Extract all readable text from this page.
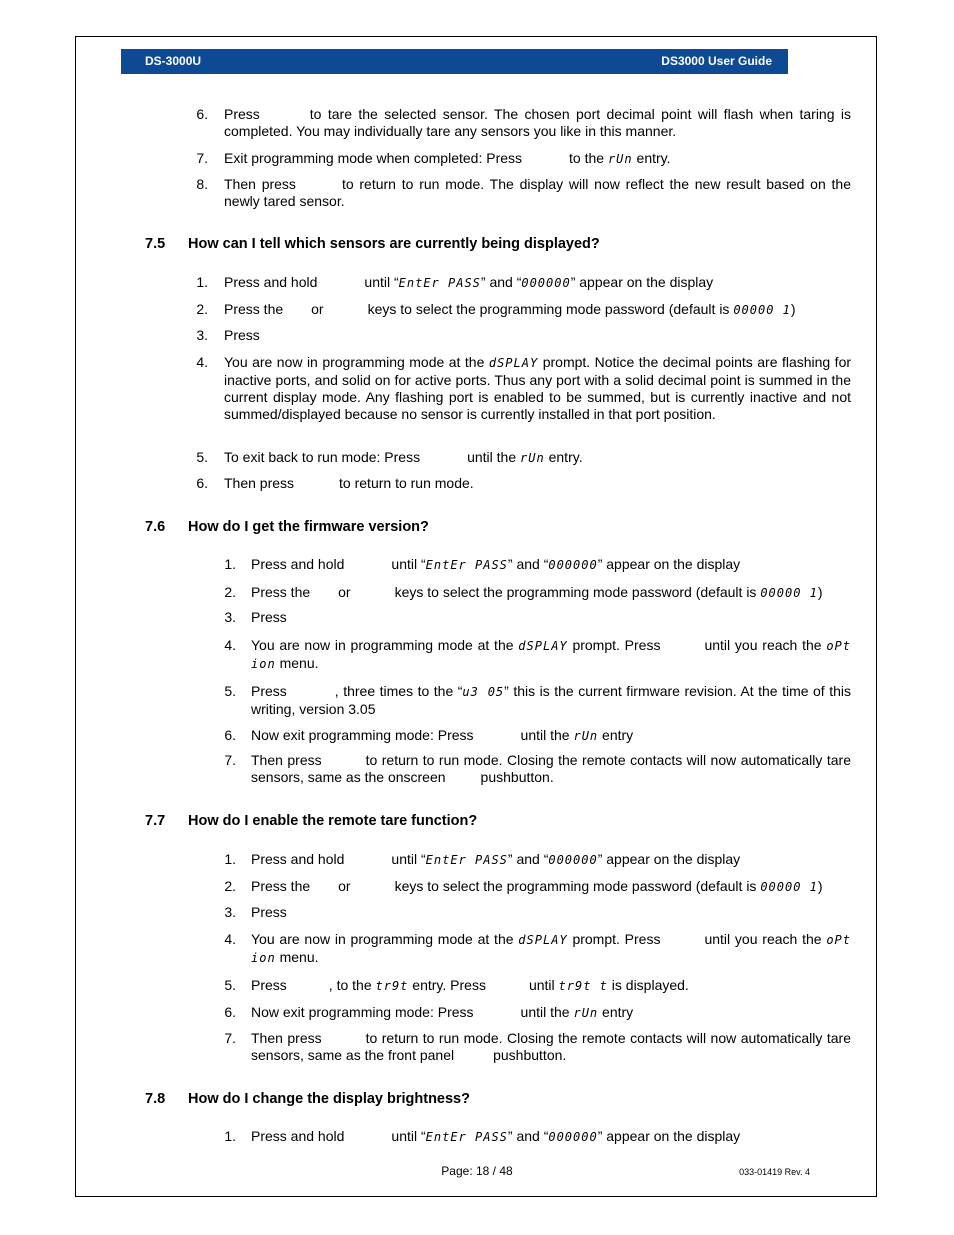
DS-3000U	DS3000 User Guide
6. Press	to tare the selected sensor. The chosen port decimal point will flash when taring is completed. You may individually tare any sensors you like in this manner.
7. Exit programming mode when completed: Press	to the rUn entry.
8. Then press	to return to run mode. The display will now reflect the new result based on the newly tared sensor.
7.5 How can I tell which sensors are currently being displayed?
1. Press and hold	until “EntEr PASS” and “000000” appear on the display
2. Press the or	keys to select the programming mode password (default is 00000 1)
3. Press
4. You are now in programming mode at the dSPLAY prompt. Notice the decimal points are flashing for inactive ports, and solid on for active ports. Thus any port with a solid decimal point is summed in the current display mode. Any flashing port is enabled to be summed, but is currently inactive and not summed/displayed because no sensor is currently installed in that port position.
5. To exit back to run mode: Press	until the rUn entry.
6. Then press	to return to run mode.
7.6 How do I get the firmware version?
1. Press and hold	until “EntEr PASS” and “000000” appear on the display
2. Press the or	keys to select the programming mode password (default is 00000 1)
3. Press
4. You are now in programming mode at the dSPLAY prompt. Press	until you reach the oPt ion menu.
5. Press	, three times to the “u3 05” this is the current firmware revision. At the time of this writing, version 3.05
6. Now exit programming mode: Press	until the rUn entry
7. Then press	to return to run mode. Closing the remote contacts will now automatically tare sensors, same as the onscreen	pushbutton.
7.7 How do I enable the remote tare function?
1. Press and hold	until “EntEr PASS” and “000000” appear on the display
2. Press the or	keys to select the programming mode password (default is 00000 1)
3. Press
4. You are now in programming mode at the dSPLAY prompt. Press	until you reach the oPt ion menu.
5. Press	, to the tr9t entry. Press	until tr9t t is displayed.
6. Now exit programming mode: Press	until the rUn entry
7. Then press	to return to run mode. Closing the remote contacts will now automatically tare sensors, same as the front panel	pushbutton.
7.8 How do I change the display brightness?
1. Press and hold	until “EntEr PASS” and “000000” appear on the display
Page: 18 / 48	033-01419 Rev. 4
